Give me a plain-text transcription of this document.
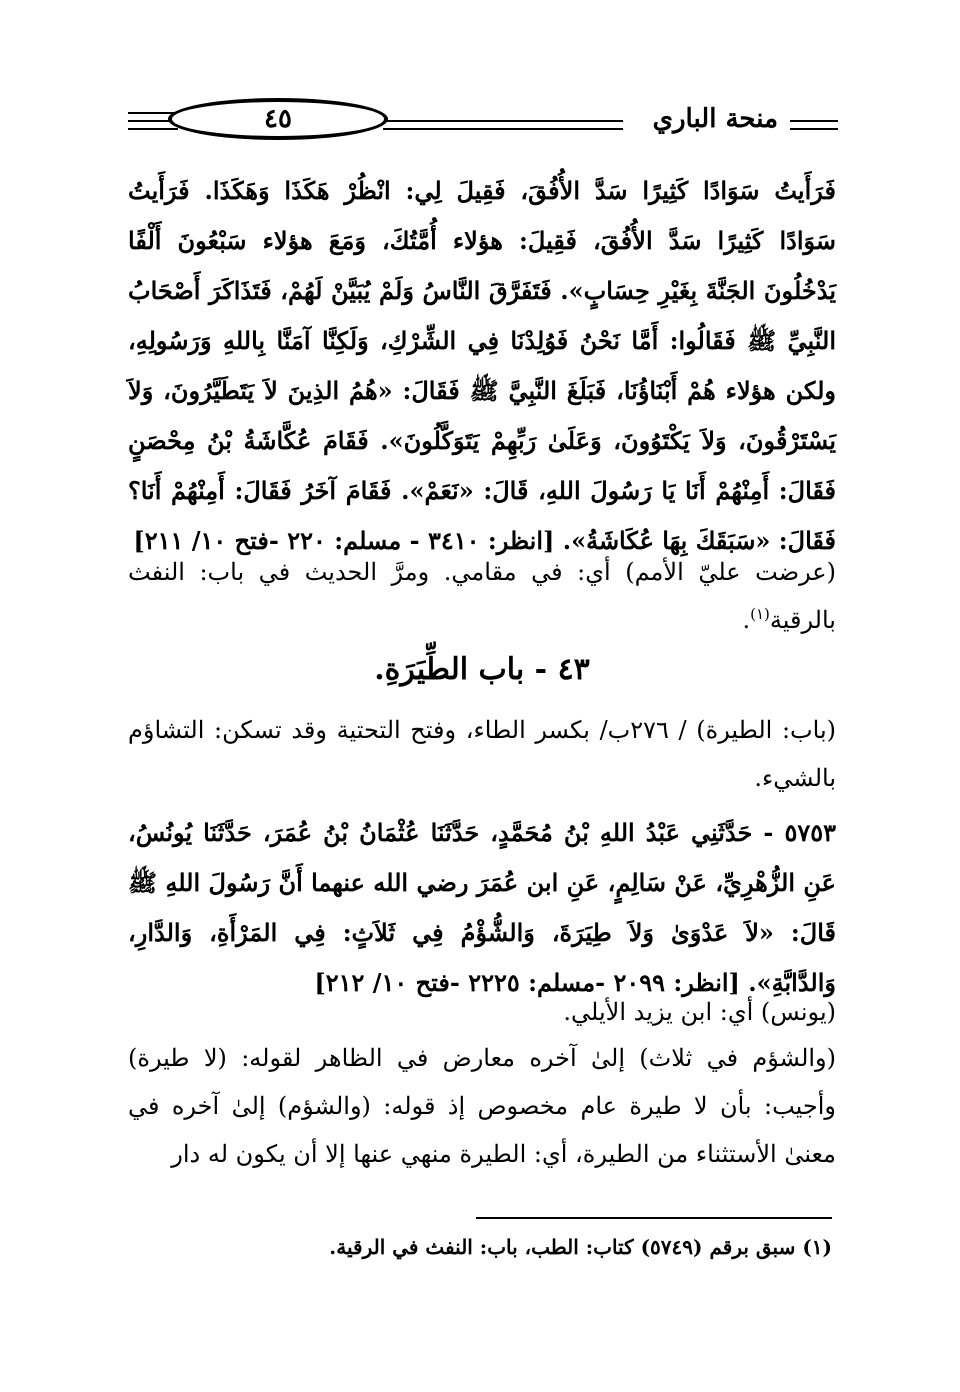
٤٥	منحة الباري
فَرَأَيتُ سَوَادًا كَثِيرًا سَدَّ الأُفُقَ، فَقِيلَ لِي: انْظُرْ هَكَذَا وَهَكَذَا. فَرَأَيتُ سَوَادًا كَثِيرًا سَدَّ الأُفُقَ، فَقِيلَ: هؤلاء أُمَّتُكَ، وَمَعَ هؤلاء سَبْعُونَ أَلْفًا يَدْخُلُونَ الجَنَّةَ بِغَيْرِ حِسَابٍ». فَتَفَرَّقَ النَّاسُ وَلَمْ يُبَيَّنْ لَهُمْ، فَتَذَاكَرَ أَصْحَابُ النَّبِيِّ ﷺ فَقَالُوا: أَمَّا نَحْنُ فَوُلِدْنَا فِي الشِّرْكِ، وَلَكِنَّا آمَنَّا بِاللهِ وَرَسُولِهِ، ولكن هؤلاء هُمْ أَبْنَاؤُنَا، فَبَلَغَ النَّبِيَّ ﷺ فَقَالَ: «هُمُ الذِينَ لاَ يَتَطَيَّرُونَ، وَلاَ يَسْتَرْقُونَ، وَلاَ يَكْتَوُونَ، وَعَلَىٰ رَبِّهِمْ يَتَوَكَّلُونَ». فَقَامَ عُكَّاشَةُ بْنُ مِحْصَنٍ فَقَالَ: أَمِنْهُمْ أَنَا يَا رَسُولَ اللهِ، قَالَ: «نَعَمْ». فَقَامَ آخَرُ فَقَالَ: أَمِنْهُمْ أَنَا؟ فَقَالَ: «سَبَقَكَ بِهَا عُكَاشَةُ». [انظر: ٣٤١٠ - مسلم: ٢٢٠ -فتح ١٠/ ٢١١]
(عرضت عليّ الأمم) أي: في مقامي. ومرَّ الحديث في باب: النفث بالرقية$^{(١)}$.
٤٣ - باب الطِّيَرَةِ.
(باب: الطيرة) / ٢٧٦ب/ بكسر الطاء، وفتح التحتية وقد تسكن: التشاؤم بالشيء.
٥٧٥٣ - حَدَّثَنِي عَبْدُ اللهِ بْنُ مُحَمَّدٍ، حَدَّثَنَا عُثْمَانُ بْنُ عُمَرَ، حَدَّثَنَا يُونُسُ، عَنِ الزُّهْرِيِّ، عَنْ سَالِمٍ، عَنِ ابن عُمَرَ رضي الله عنهما أَنَّ رَسُولَ اللهِ ﷺ قَالَ: «لاَ عَدْوَىٰ وَلاَ طِيَرَةَ، وَالشُّؤْمُ فِي ثَلاَثٍ: فِي المَرْأَةِ، وَالدَّارِ، وَالدَّابَّةِ». [انظر: ٢٠٩٩ -مسلم: ٢٢٢٥ -فتح ١٠/ ٢١٢]
(يونس) أي: ابن يزيد الأيلي.
(والشؤم في ثلاث) إلىٰ آخره معارض في الظاهر لقوله: (لا طيرة) وأجيب: بأن لا طيرة عام مخصوص إذ قوله: (والشؤم) إلىٰ آخره في معنىٰ الأستثناء من الطيرة، أي: الطيرة منهي عنها إلا أن يكون له دار
(١) سبق برقم (٥٧٤٩) كتاب: الطب، باب: النفث في الرقية.
